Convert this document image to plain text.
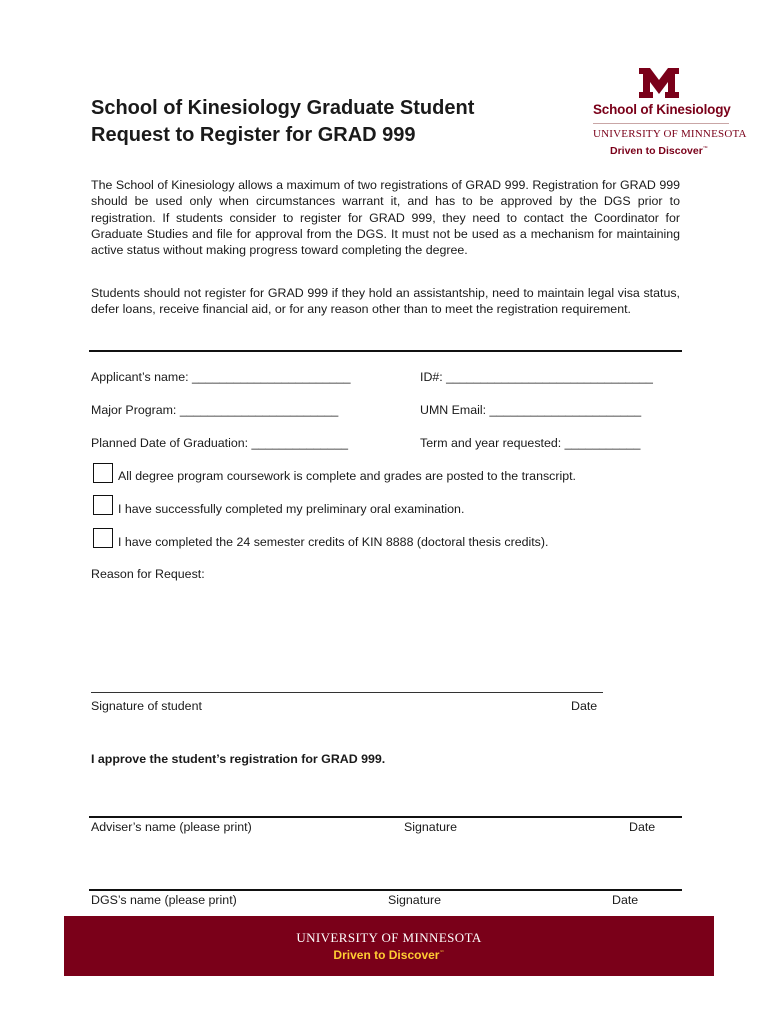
School of Kinesiology Graduate Student
Request to Register for GRAD 999
School of Kinesiology
UNIVERSITY OF MINNESOTA
Driven to Discover™
The School of Kinesiology allows a maximum of two registrations of GRAD 999. Registration for GRAD 999 should be used only when circumstances warrant it, and has to be approved by the DGS prior to registration. If students consider to register for GRAD 999, they need to contact the Coordinator for Graduate Studies and file for approval from the DGS. It must not be used as a mechanism for maintaining active status without making progress toward completing the degree.
Students should not register for GRAD 999 if they hold an assistantship, need to maintain legal visa status, defer loans, receive financial aid, or for any reason other than to meet the registration requirement.
Applicant’s name: _______________________	ID#: ______________________________
Major Program: _______________________	UMN Email: ______________________
Planned Date of Graduation: ______________	Term and year requested: ___________
All degree program coursework is complete and grades are posted to the transcript.
I have successfully completed my preliminary oral examination.
I have completed the 24 semester credits of KIN 8888 (doctoral thesis credits).
Reason for Request:
Signature of student	Date
I approve the student’s registration for GRAD 999.
Adviser’s name (please print)	Signature	Date
DGS’s name (please print)	Signature	Date
UNIVERSITY OF MINNESOTA
Driven to Discover℠
